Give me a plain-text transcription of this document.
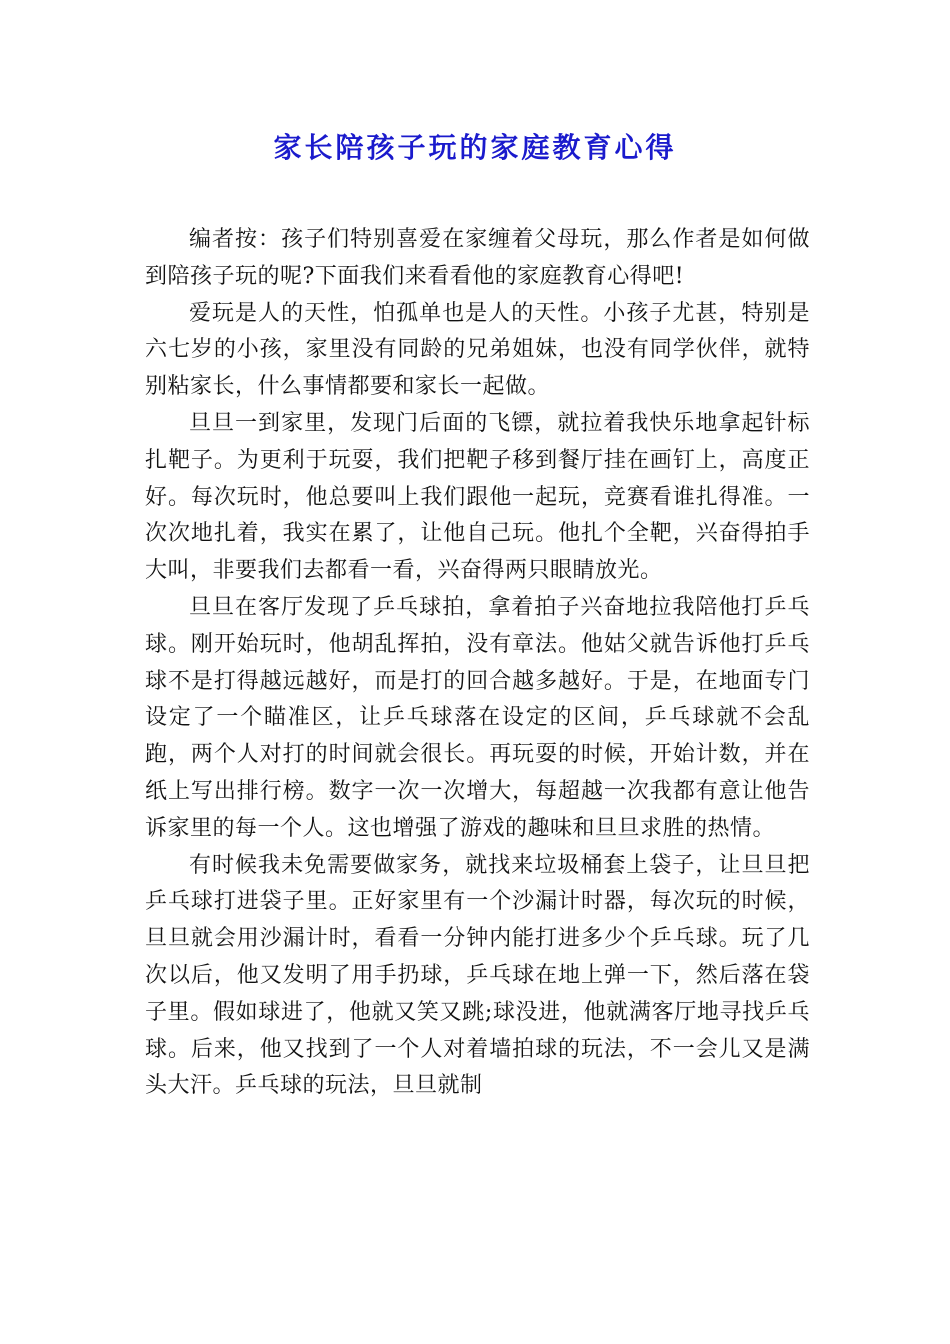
家长陪孩子玩的家庭教育心得

编者按：孩子们特别喜爱在家缠着父母玩，那么作者是如何做到陪孩子玩的呢?下面我们来看看他的家庭教育心得吧!

爱玩是人的天性，怕孤单也是人的天性。小孩子尤甚，特别是六七岁的小孩，家里没有同龄的兄弟姐妹，也没有同学伙伴，就特别粘家长，什么事情都要和家长一起做。

旦旦一到家里，发现门后面的飞镖，就拉着我快乐地拿起针标扎靶子。为更利于玩耍，我们把靶子移到餐厅挂在画钉上，高度正好。每次玩时，他总要叫上我们跟他一起玩，竞赛看谁扎得准。一次次地扎着，我实在累了，让他自己玩。他扎个全靶，兴奋得拍手大叫，非要我们去都看一看，兴奋得两只眼睛放光。

旦旦在客厅发现了乒乓球拍，拿着拍子兴奋地拉我陪他打乒乓球。刚开始玩时，他胡乱挥拍，没有章法。他姑父就告诉他打乒乓球不是打得越远越好，而是打的回合越多越好。于是，在地面专门设定了一个瞄准区，让乒乓球落在设定的区间，乒乓球就不会乱跑，两个人对打的时间就会很长。再玩耍的时候，开始计数，并在纸上写出排行榜。数字一次一次增大，每超越一次我都有意让他告诉家里的每一个人。这也增强了游戏的趣味和旦旦求胜的热情。

有时候我未免需要做家务，就找来垃圾桶套上袋子，让旦旦把乒乓球打进袋子里。正好家里有一个沙漏计时器，每次玩的时候，旦旦就会用沙漏计时，看看一分钟内能打进多少个乒乓球。玩了几次以后，他又发明了用手扔球，乒乓球在地上弹一下，然后落在袋子里。假如球进了，他就又笑又跳;球没进，他就满客厅地寻找乒乓球。后来，他又找到了一个人对着墙拍球的玩法，不一会儿又是满头大汗。乒乓球的玩法，旦旦就制
